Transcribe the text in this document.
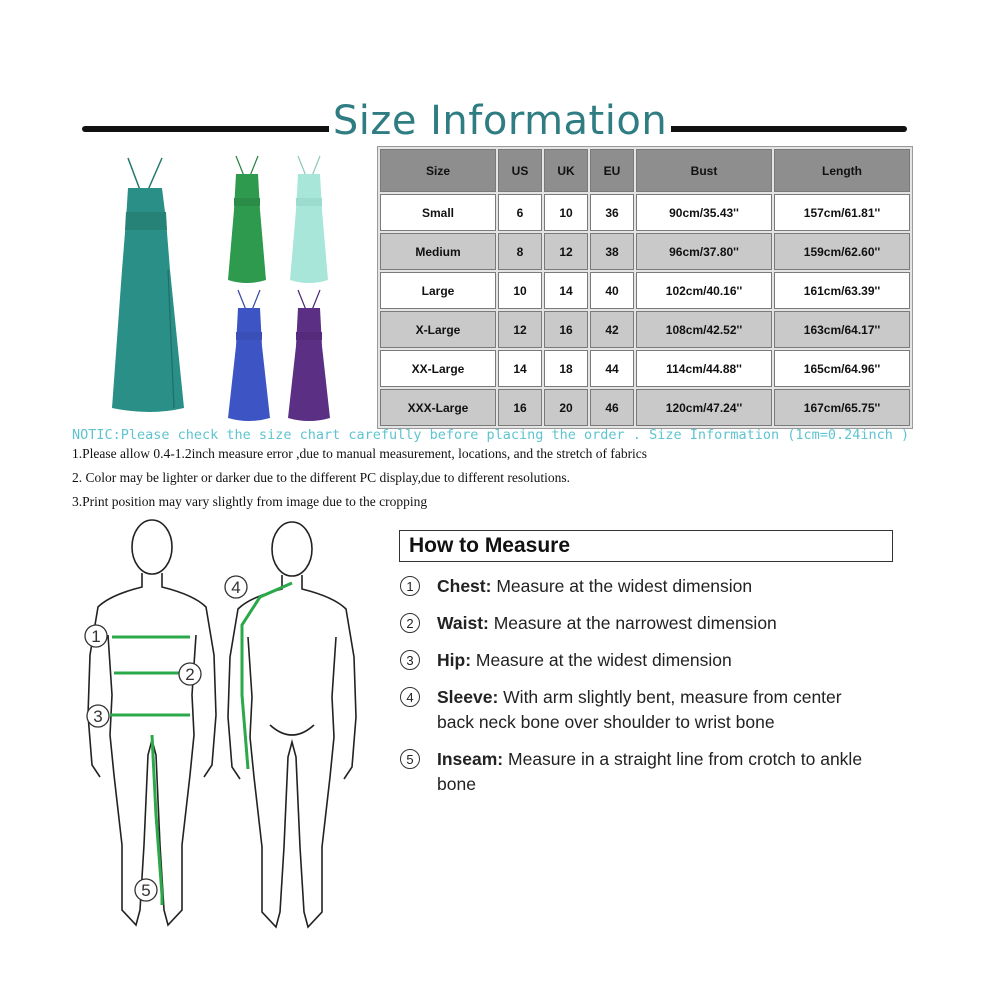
Size Information
Size	US	UK	EU	Bust	Length
Small	6	10	36	90cm/35.43''	157cm/61.81''
Medium	8	12	38	96cm/37.80''	159cm/62.60''
Large	10	14	40	102cm/40.16''	161cm/63.39''
X-Large	12	16	42	108cm/42.52''	163cm/64.17''
XX-Large	14	18	44	114cm/44.88''	165cm/64.96''
XXX-Large	16	20	46	120cm/47.24''	167cm/65.75''
NOTIC:Please check the size chart carefully before placing the order . Size Information (1cm=0.24inch )
1.Please allow 0.4-1.2inch measure error ,due to manual measurement, locations, and the stretch of fabrics
2. Color may be lighter or darker due to the different PC display,due to different resolutions.
3.Print position may vary slightly from image due to the cropping
1
2
3
4
5
How to Measure
1	Chest: Measure at the widest dimension
2	Waist: Measure at the narrowest dimension
3	Hip: Measure at the widest dimension
4	Sleeve: With arm slightly bent, measure from center back neck bone over shoulder to wrist bone
5	Inseam: Measure in a straight line from crotch to ankle bone
